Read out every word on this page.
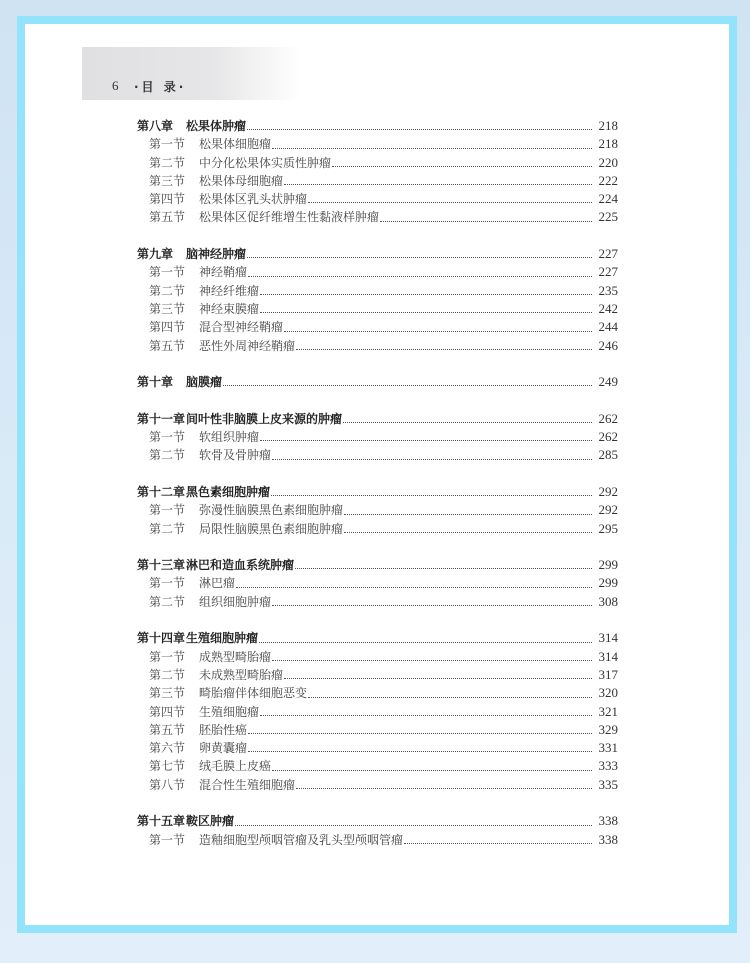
6 ·目 录·
第八章	松果体肿瘤	218
第一节	松果体细胞瘤	218
第二节	中分化松果体实质性肿瘤	220
第三节	松果体母细胞瘤	222
第四节	松果体区乳头状肿瘤	224
第五节	松果体区促纤维增生性黏液样肿瘤	225
第九章	脑神经肿瘤	227
第一节	神经鞘瘤	227
第二节	神经纤维瘤	235
第三节	神经束膜瘤	242
第四节	混合型神经鞘瘤	244
第五节	恶性外周神经鞘瘤	246
第十章	脑膜瘤	249
第十一章 间叶性非脑膜上皮来源的肿瘤	262
第一节	软组织肿瘤	262
第二节	软骨及骨肿瘤	285
第十二章 黑色素细胞肿瘤	292
第一节	弥漫性脑膜黑色素细胞肿瘤	292
第二节	局限性脑膜黑色素细胞肿瘤	295
第十三章 淋巴和造血系统肿瘤	299
第一节	淋巴瘤	299
第二节	组织细胞肿瘤	308
第十四章 生殖细胞肿瘤	314
第一节	成熟型畸胎瘤	314
第二节	未成熟型畸胎瘤	317
第三节	畸胎瘤伴体细胞恶变	320
第四节	生殖细胞瘤	321
第五节	胚胎性癌	329
第六节	卵黄囊瘤	331
第七节	绒毛膜上皮癌	333
第八节	混合性生殖细胞瘤	335
第十五章 鞍区肿瘤	338
第一节	造釉细胞型颅咽管瘤及乳头型颅咽管瘤	338
